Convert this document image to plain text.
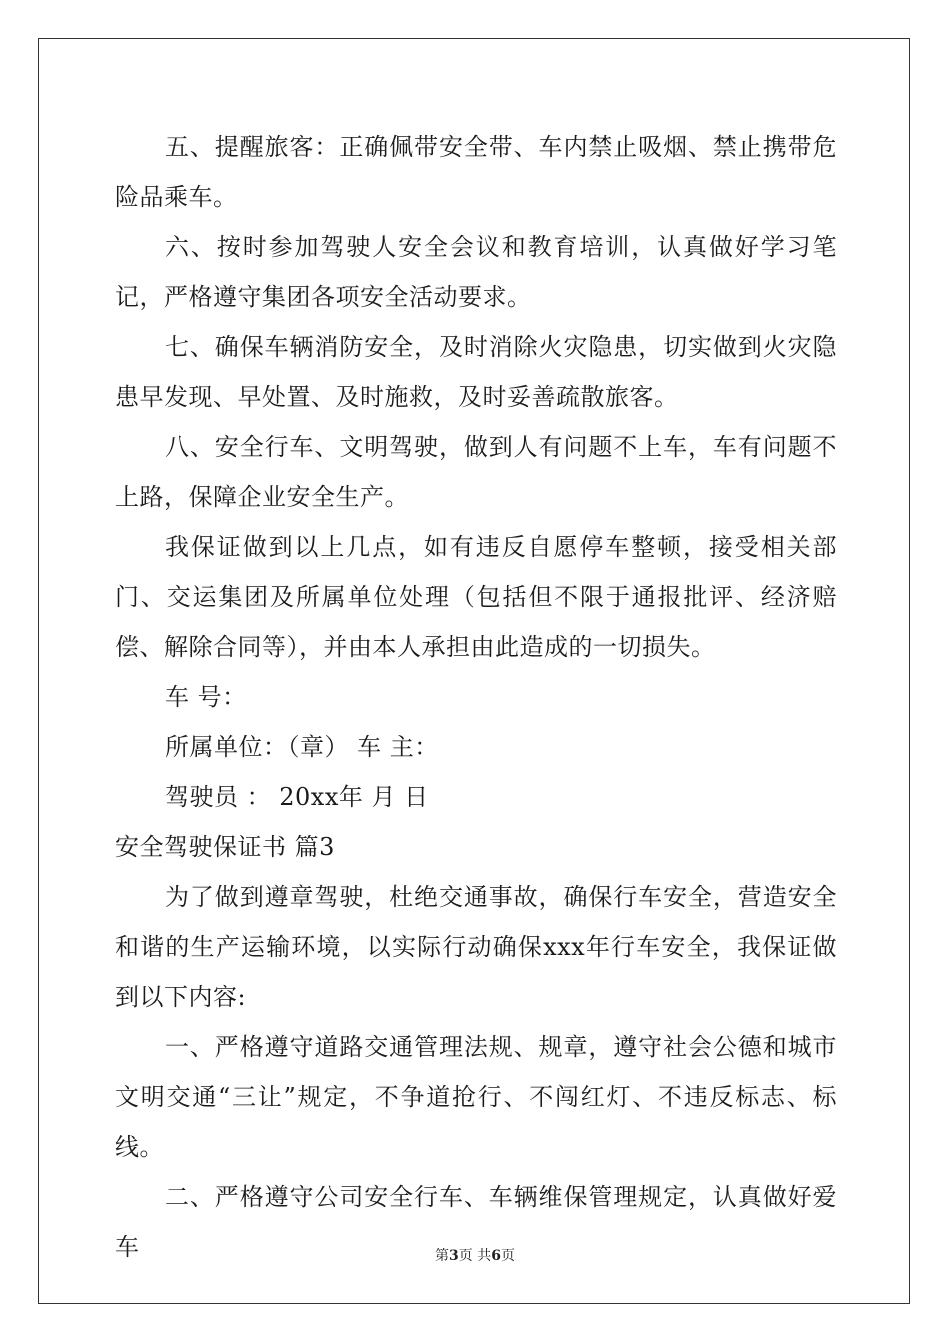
五、提醒旅客：正确佩带安全带、车内禁止吸烟、禁止携带危险品乘车。

六、按时参加驾驶人安全会议和教育培训，认真做好学习笔记，严格遵守集团各项安全活动要求。

七、确保车辆消防安全，及时消除火灾隐患，切实做到火灾隐患早发现、早处置、及时施救，及时妥善疏散旅客。

八、安全行车、文明驾驶，做到人有问题不上车，车有问题不上路，保障企业安全生产。

我保证做到以上几点，如有违反自愿停车整顿，接受相关部门、交运集团及所属单位处理（包括但不限于通报批评、经济赔偿、解除合同等），并由本人承担由此造成的一切损失。

车 号：

所属单位：（章） 车 主：

驾驶员 ： 20xx年 月 日

安全驾驶保证书 篇3

为了做到遵章驾驶，杜绝交通事故，确保行车安全，营造安全和谐的生产运输环境，以实际行动确保xxx年行车安全，我保证做到以下内容:

一、严格遵守道路交通管理法规、规章，遵守社会公德和城市文明交通“三让”规定，不争道抢行、不闯红灯、不违反标志、标线。

二、严格遵守公司安全行车、车辆维保管理规定，认真做好爱车	第3页 共6页
